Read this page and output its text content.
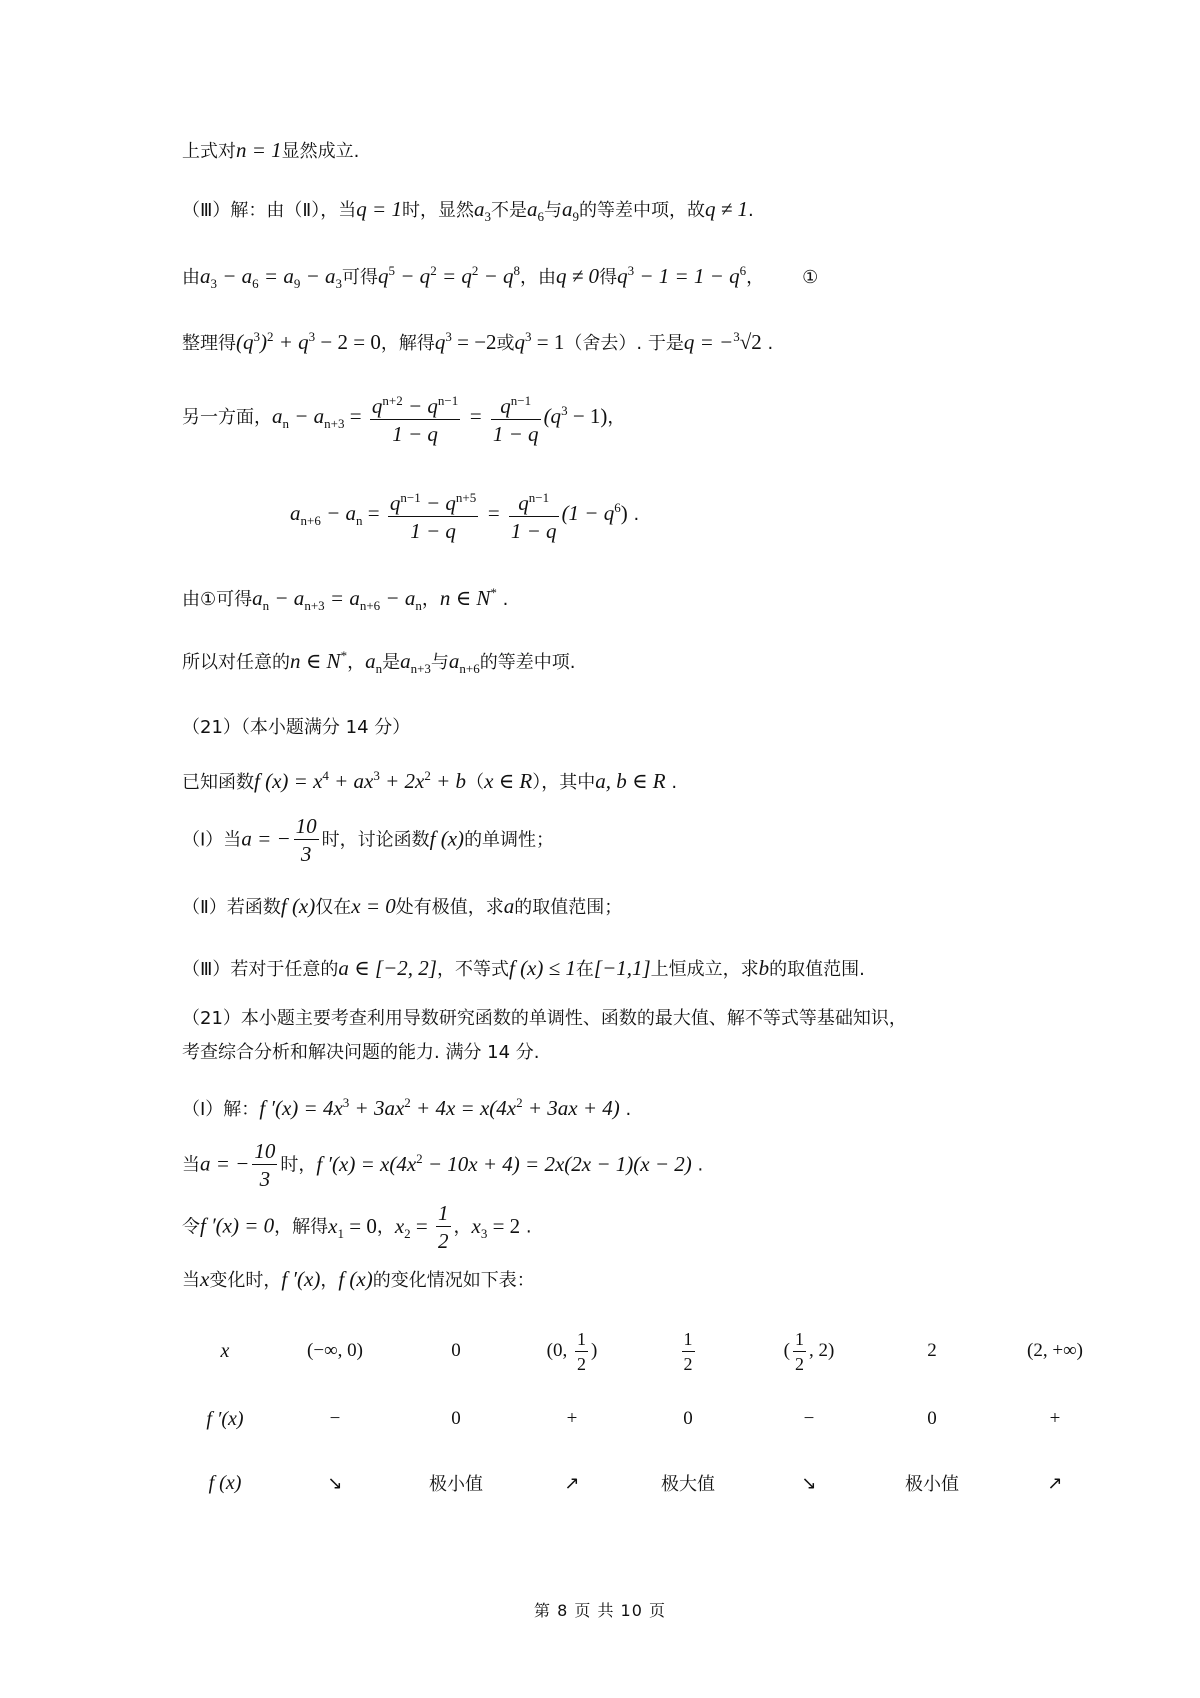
上式对n = 1显然成立.
（Ⅲ）解：由（Ⅱ），当q = 1时，显然$a_3$不是$a_6$与$a_9$的等差中项，故q ≠ 1.
由$a_3 - a_6 = a_9 - a_3$可得$q^5 - q^2 = q^2 - q^8$，由q ≠ 0得$q^3 - 1 = 1 - q^6$， ①
整理得$(q^3)^2 + q^3 - 2 = 0$，解得$q^3 = -2$或$q^3 = 1$（舍去）. 于是q = −$^3$√2 .
另一方面，$a_n - a_{n+3} = \frac{q^{n+2} - q^{n-1}}{1 - q} = \frac{q^{n-1}}{1 - q} (q^3 - 1)$，
$a_{n+6} - a_n = \frac{q^{n-1} - q^{n+5}}{1 - q} = \frac{q^{n-1}}{1 - q} (1 - q^6)$ .
由①可得$a_n - a_{n+3} = a_{n+6} - a_n$，n ∈ N* .
所以对任意的n ∈ N*，$a_n$是$a_{n+3}$与$a_{n+6}$的等差中项.
（21）（本小题满分 14 分）
已知函数f $(x) = x^4 + ax^3 + 2x^2 + b(x$ ∈ R），其中a, b ∈ R .
（Ⅰ）当a = − $\frac{10}{3}$ 时，讨论函数f (x)的单调性；
（Ⅱ）若函数f (x)仅在x = 0处有极值，求a的取值范围；
（Ⅲ）若对于任意的a ∈ [−2, 2]，不等式f (x) ≤ 1在[−1,1]上恒成立，求b的取值范围.
（21）本小题主要考查利用导数研究函数的单调性、函数的最大值、解不等式等基础知识，
考查综合分析和解决问题的能力. 满分 14 分.
（Ⅰ）解：f $'(x) = 4x^3 + 3ax^2 + 4x = x(4x^2 + 3ax + 4)$ .
当a = − $\frac{10}{3}$ 时，f $'(x) = x(4x^2 - 10x + 4) = 2x(2x - 1)(x - 2)$ .
令f ′(x) = 0，解得$x_1 = 0$，$x_2 = \frac{1}{2}$ ，$x_3 = 2$ .
当x变化时，f ′(x)，f (x)的变化情况如下表：
x	(−∞, 0)	0	(0, $\frac{1}{2}$ )	$\frac{1}{2}$	( $\frac{1}{2}$ , 2)	2	(2, +∞)
f ′(x)	−	0	+	0	−	0	+
f (x)	↘	极小值	↗	极大值	↘	极小值	↗
第 8 页 共 10 页
